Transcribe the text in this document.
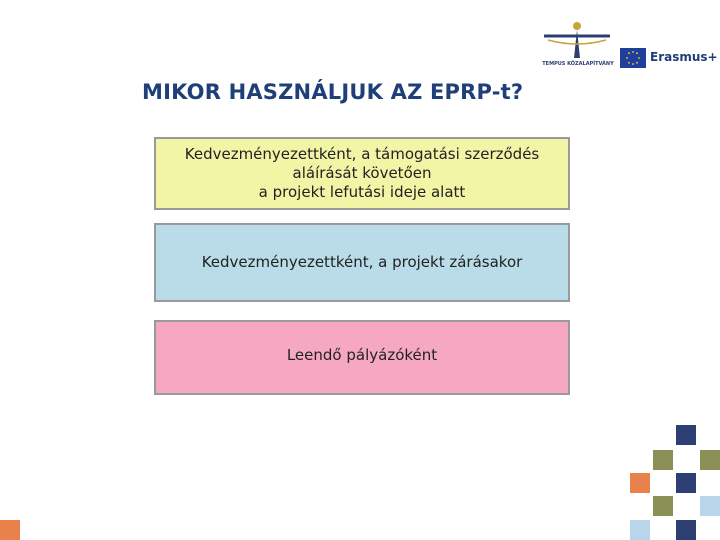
TEMPUS KÖZALAPÍTVÁNY	Erasmus+
MIKOR HASZNÁLJUK AZ EPRP-t?
Kedvezményezettként, a támogatási szerződés
aláírását követően
a projekt lefutási ideje alatt
Kedvezményezettként, a projekt zárásakor
Leendő pályázóként
